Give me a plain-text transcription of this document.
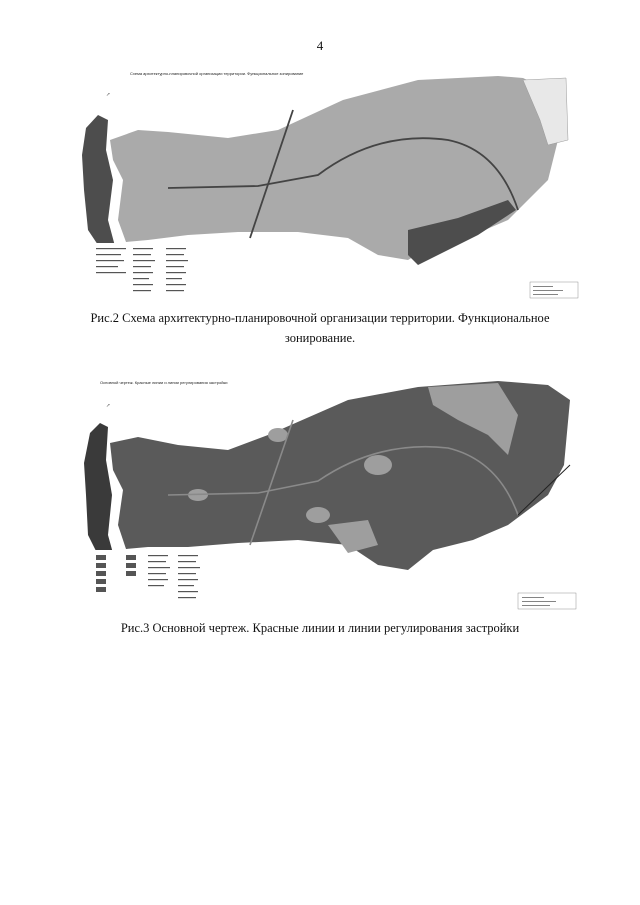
4
Схема архитектурно-планировочной организации территории. Функциональное зонирование
↗
Рис.2 Схема архитектурно-планировочной организации территории. Функциональное
зонирование.
Основной чертеж. Красные линии и линии регулирования застройки
↗
Рис.3 Основной чертеж. Красные линии и линии регулирования застройки
